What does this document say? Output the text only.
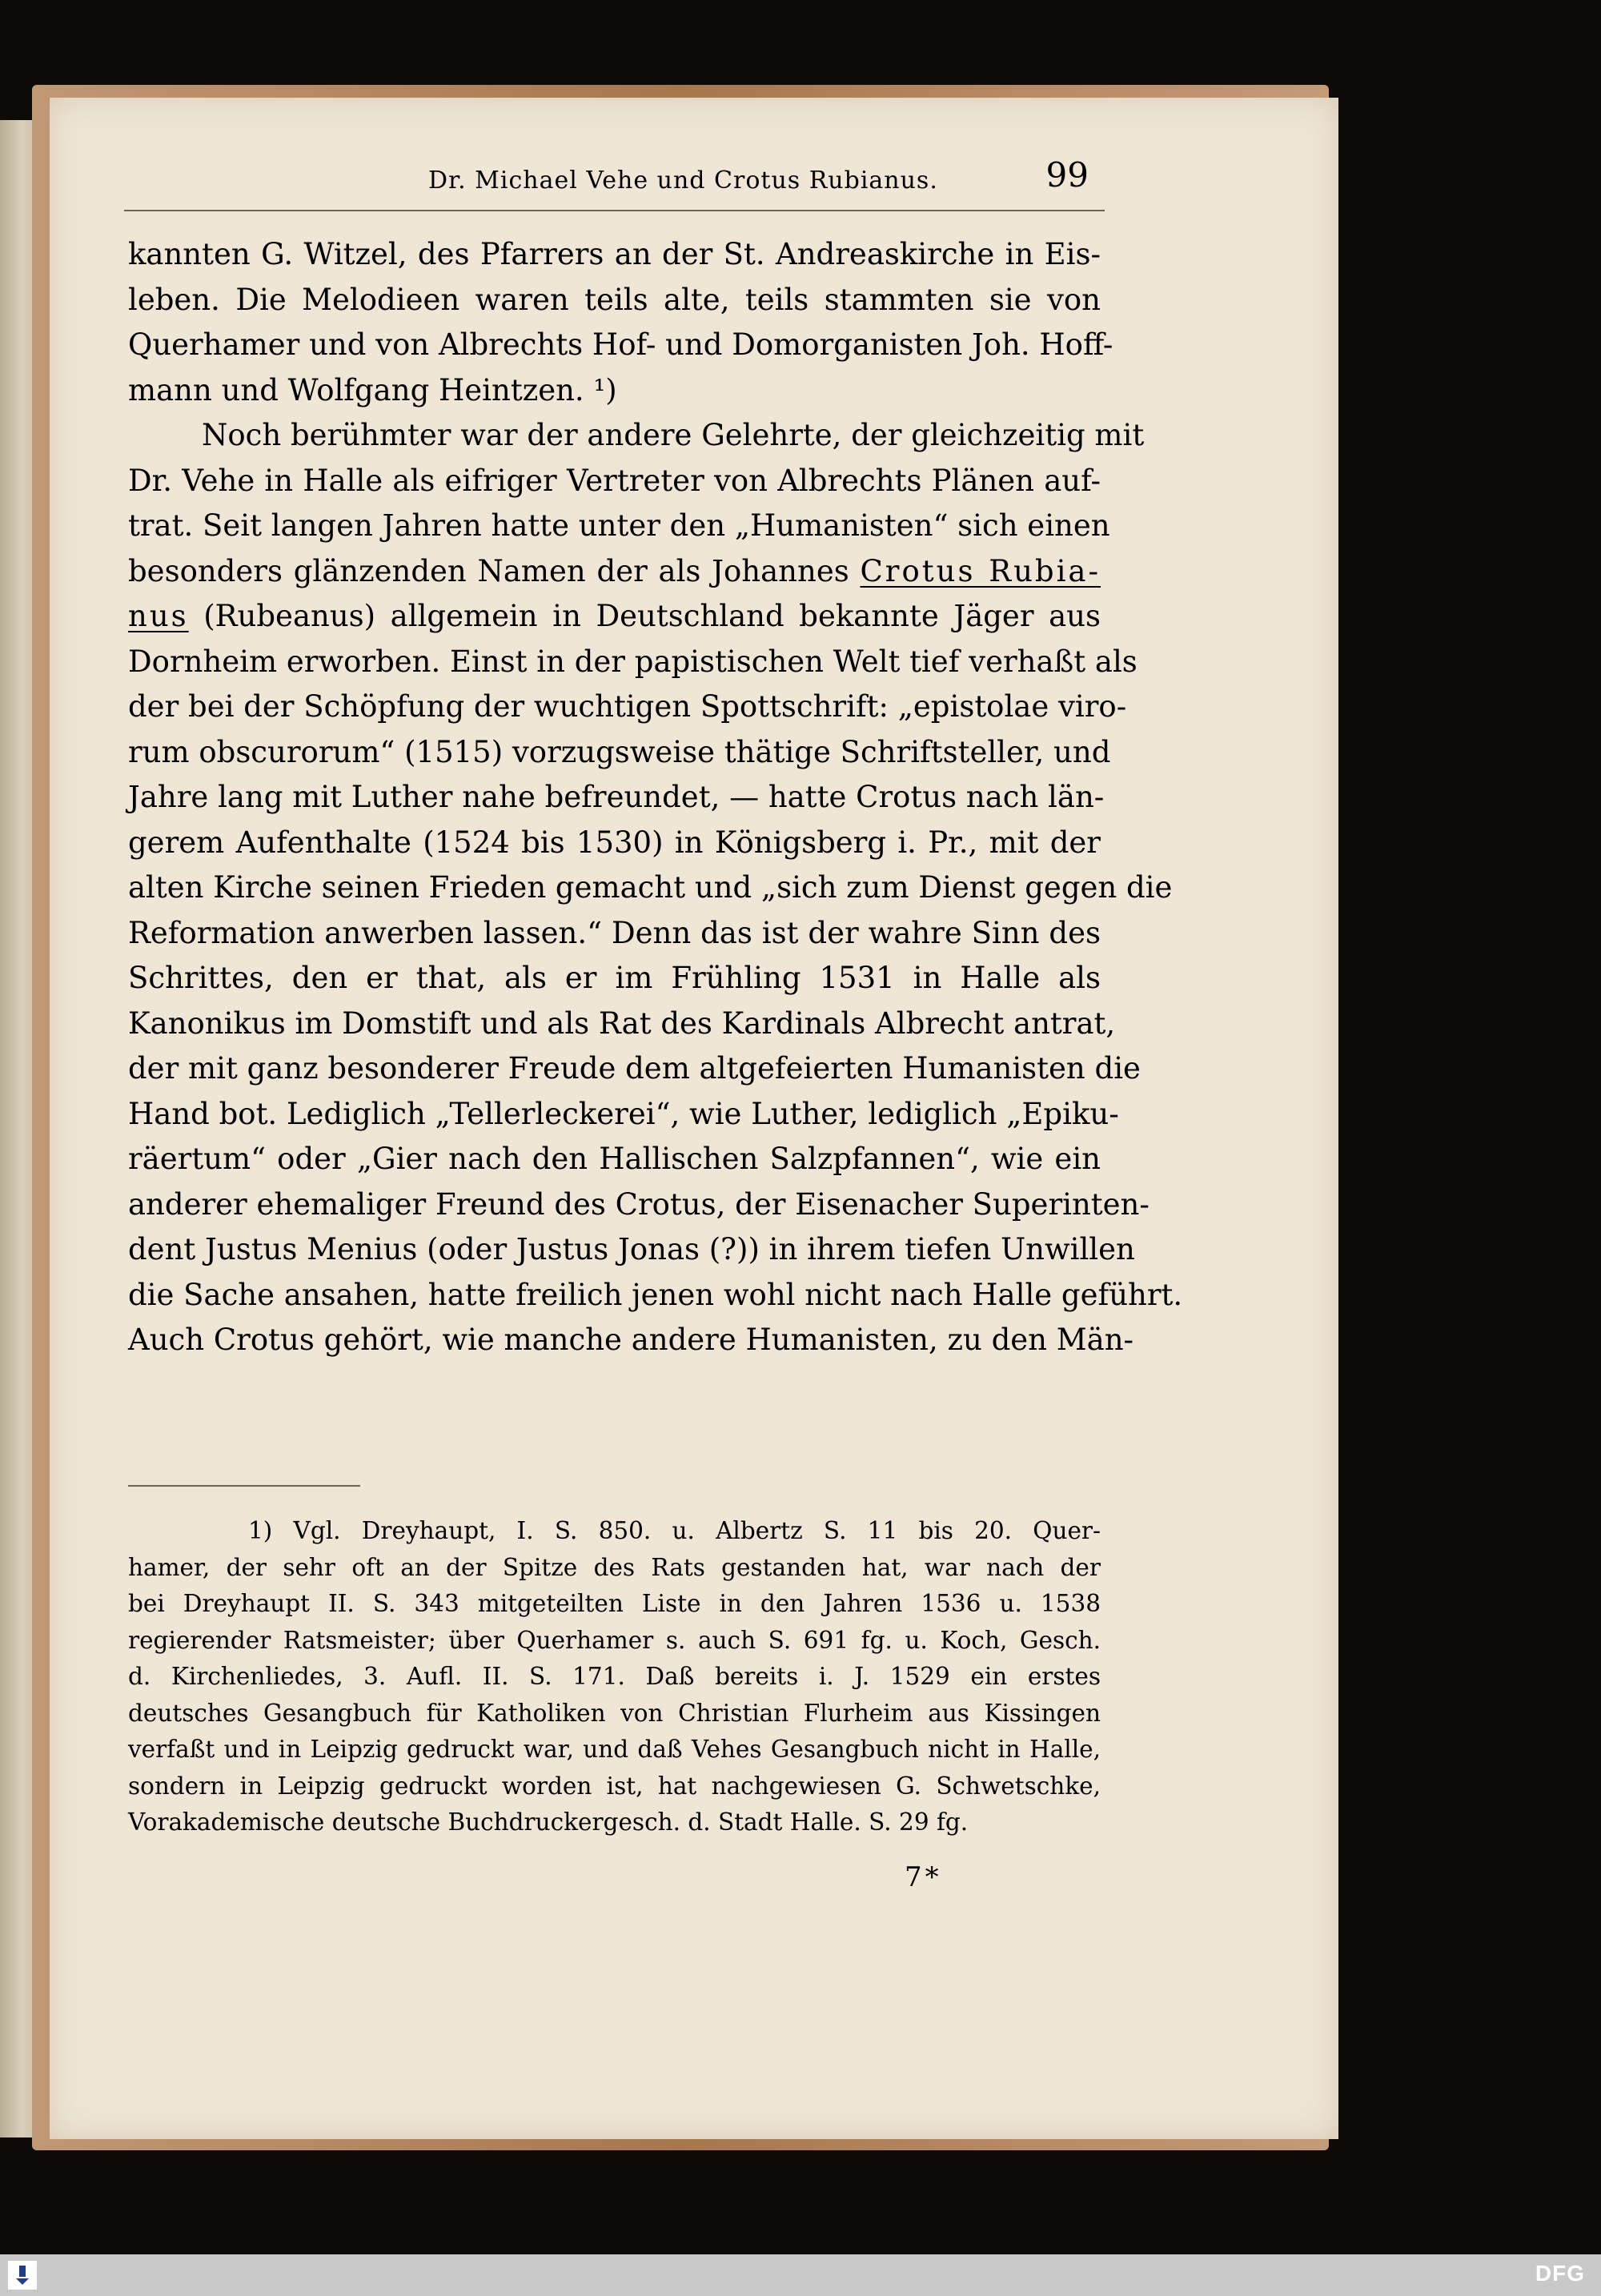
Dr. Michael Vehe und Crotus Rubianus.	99
kannten G. Witzel, des Pfarrers an der St. Andreaskirche in Eis-
leben. Die Melodieen waren teils alte, teils stammten sie von
Querhamer und von Albrechts Hof- und Domorganisten Joh. Hoff-
mann und Wolfgang Heintzen. ¹)
Noch berühmter war der andere Gelehrte, der gleichzeitig mit
Dr. Vehe in Halle als eifriger Vertreter von Albrechts Plänen auf-
trat. Seit langen Jahren hatte unter den „Humanisten“ sich einen
besonders glänzenden Namen der als Johannes Crotus Rubia-
nus (Rubeanus) allgemein in Deutschland bekannte Jäger aus
Dornheim erworben. Einst in der papistischen Welt tief verhaßt als
der bei der Schöpfung der wuchtigen Spottschrift: „epistolae viro-
rum obscurorum“ (1515) vorzugsweise thätige Schriftsteller, und
Jahre lang mit Luther nahe befreundet, — hatte Crotus nach län-
gerem Aufenthalte (1524 bis 1530) in Königsberg i. Pr., mit der
alten Kirche seinen Frieden gemacht und „sich zum Dienst gegen die
Reformation anwerben lassen.“ Denn das ist der wahre Sinn des
Schrittes, den er that, als er im Frühling 1531 in Halle als
Kanonikus im Domstift und als Rat des Kardinals Albrecht antrat,
der mit ganz besonderer Freude dem altgefeierten Humanisten die
Hand bot. Lediglich „Tellerleckerei“, wie Luther, lediglich „Epiku-
räertum“ oder „Gier nach den Hallischen Salzpfannen“, wie ein
anderer ehemaliger Freund des Crotus, der Eisenacher Superinten-
dent Justus Menius (oder Justus Jonas (?)) in ihrem tiefen Unwillen
die Sache ansahen, hatte freilich jenen wohl nicht nach Halle geführt.
Auch Crotus gehört, wie manche andere Humanisten, zu den Män-
1) Vgl. Dreyhaupt, I. S. 850. u. Albertz S. 11 bis 20. Quer-
hamer, der sehr oft an der Spitze des Rats gestanden hat, war nach der
bei Dreyhaupt II. S. 343 mitgeteilten Liste in den Jahren 1536 u. 1538
regierender Ratsmeister; über Querhamer s. auch S. 691 fg. u. Koch, Gesch.
d. Kirchenliedes, 3. Aufl. II. S. 171. Daß bereits i. J. 1529 ein erstes
deutsches Gesangbuch für Katholiken von Christian Flurheim aus Kissingen
verfaßt und in Leipzig gedruckt war, und daß Vehes Gesangbuch nicht in Halle,
sondern in Leipzig gedruckt worden ist, hat nachgewiesen G. Schwetschke,
Vorakademische deutsche Buchdruckergesch. d. Stadt Halle. S. 29 fg.
7*
DFG
